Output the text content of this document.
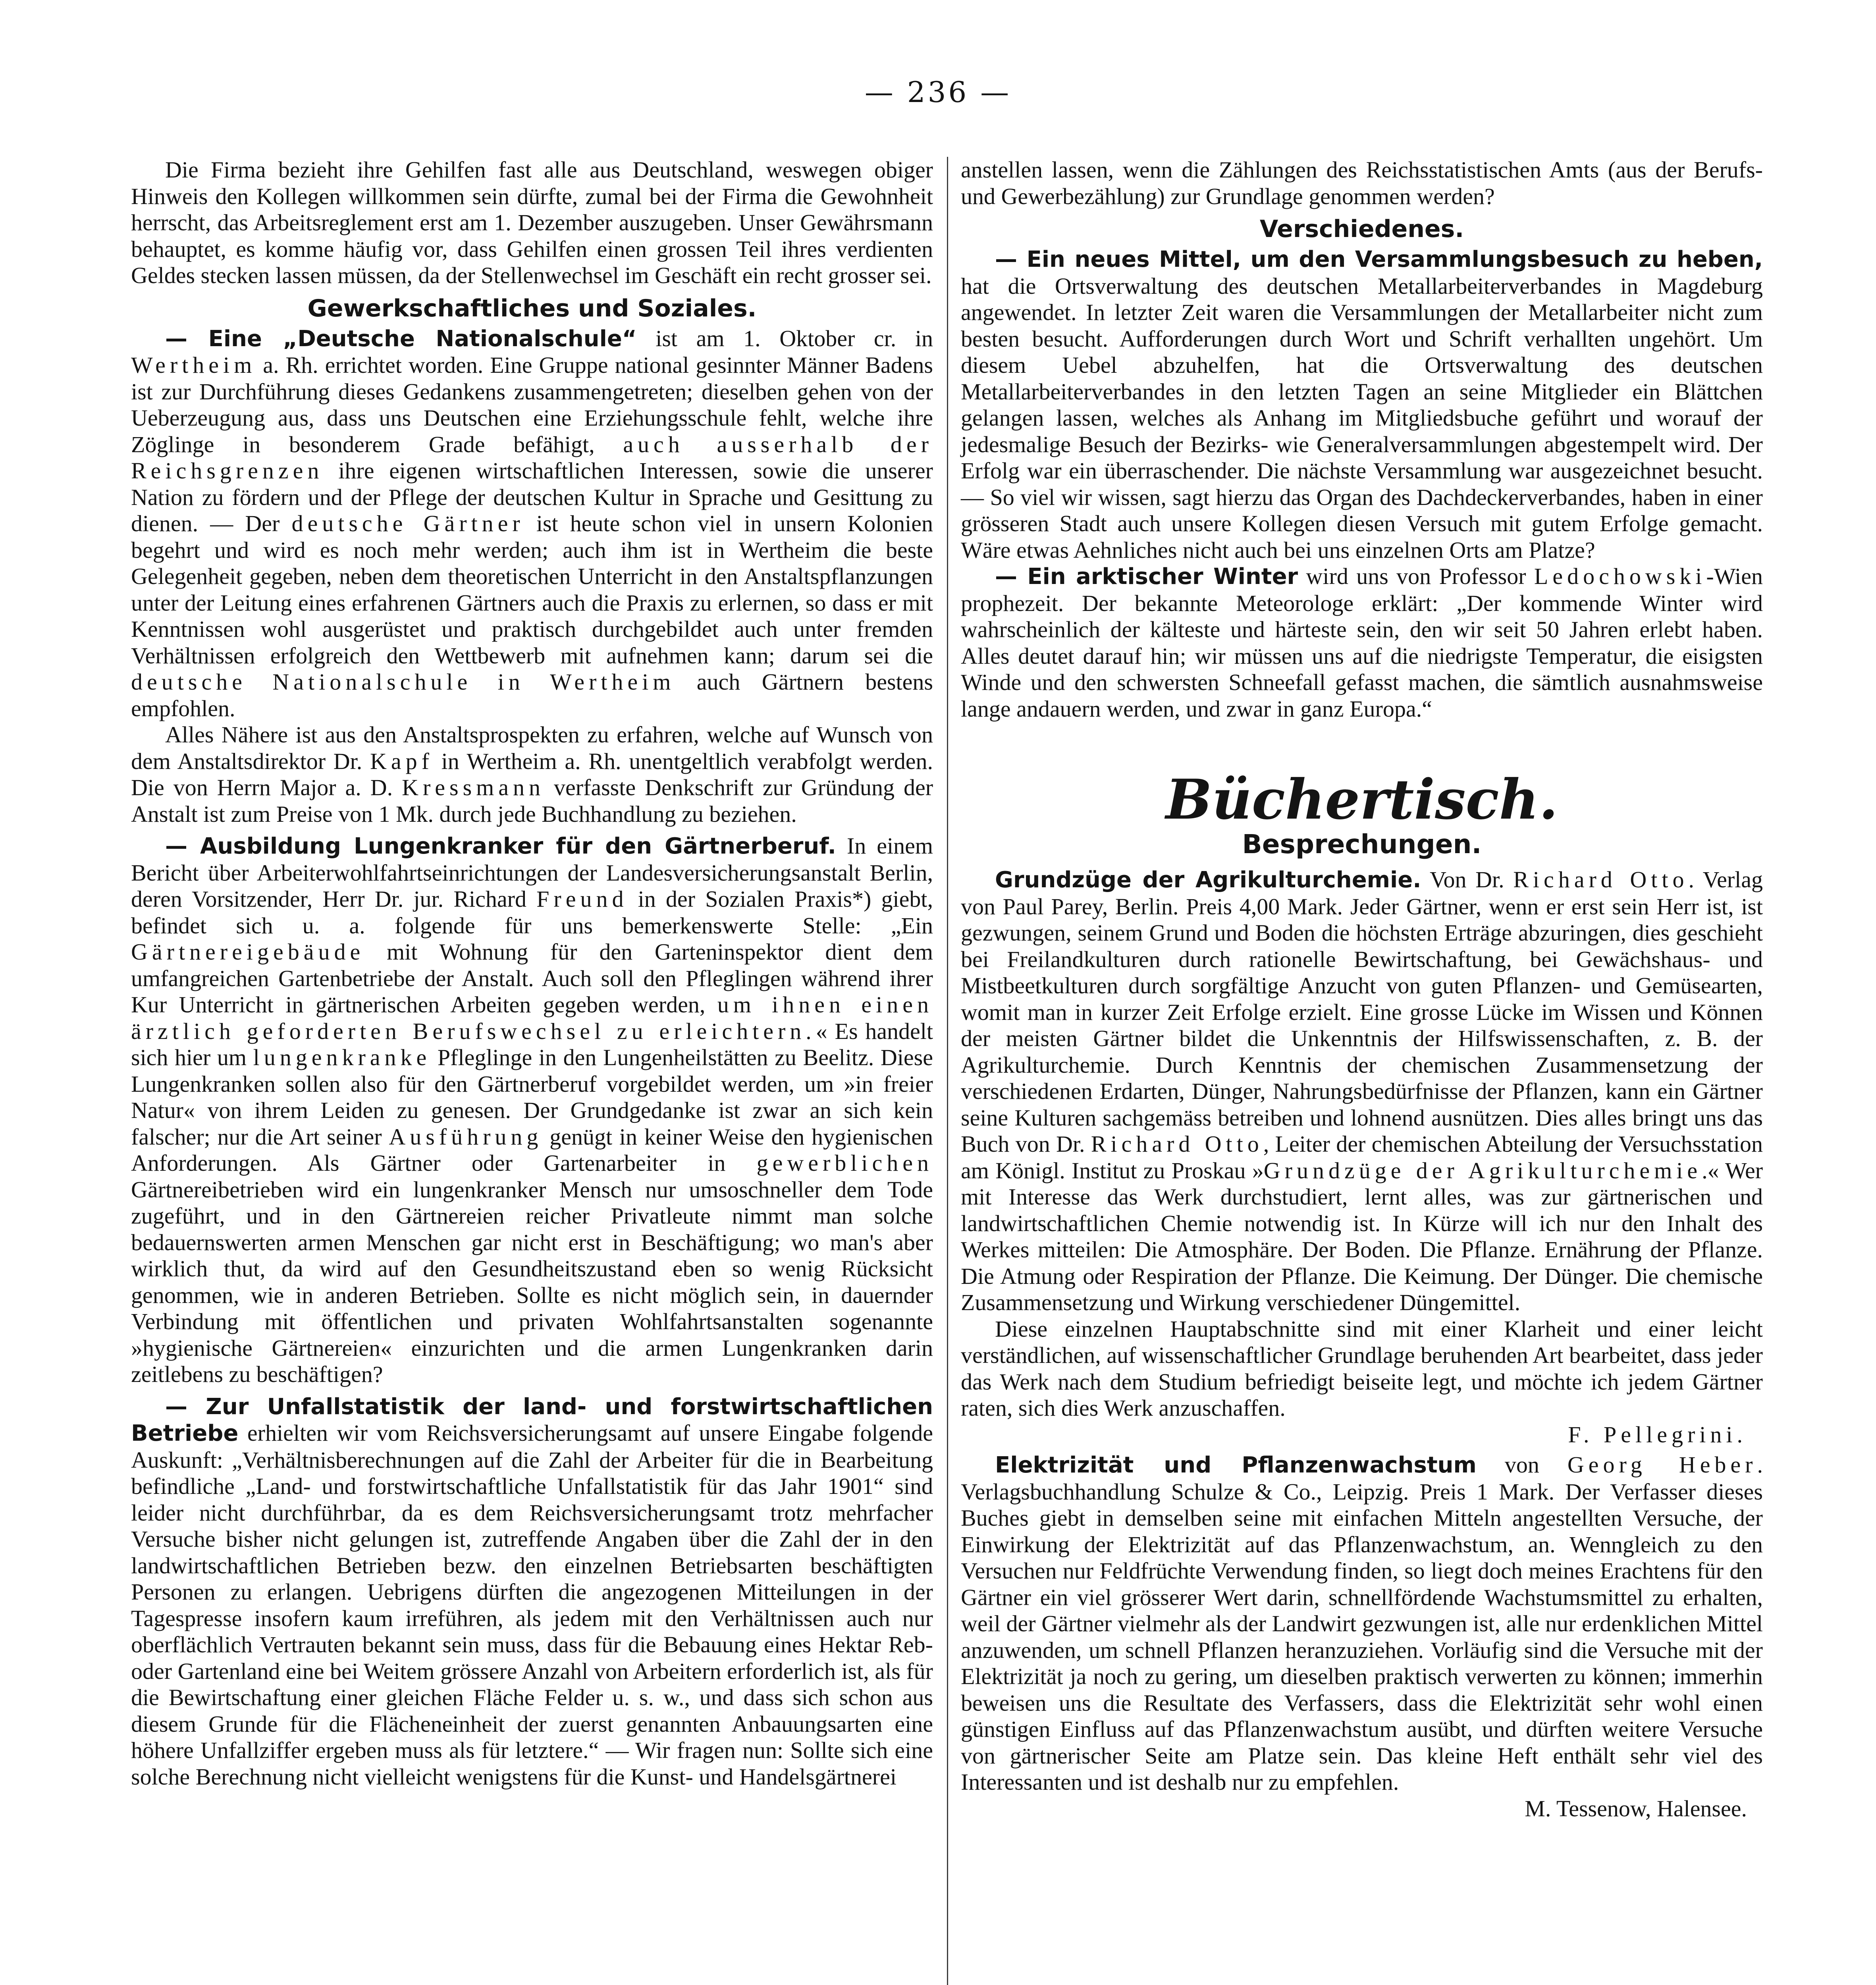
— 236 —

Die Firma bezieht ihre Gehilfen fast alle aus Deutschland, weswegen obiger Hinweis den Kollegen willkommen sein dürfte, zumal bei der Firma die Gewohnheit herrscht, das Arbeitsreglement erst am 1. Dezember auszugeben. Unser Gewährsmann behauptet, es komme häufig vor, dass Gehilfen einen grossen Teil ihres verdienten Geldes stecken lassen müssen, da der Stellenwechsel im Geschäft ein recht grosser sei.

Gewerkschaftliches und Soziales.

— Eine „Deutsche Nationalschule“ ist am 1. Oktober cr. in Wertheim a. Rh. errichtet worden. Eine Gruppe national gesinnter Männer Badens ist zur Durchführung dieses Gedankens zusammengetreten; dieselben gehen von der Ueberzeugung aus, dass uns Deutschen eine Erziehungsschule fehlt, welche ihre Zöglinge in besonderem Grade befähigt, auch ausserhalb der Reichsgrenzen ihre eigenen wirtschaftlichen Interessen, sowie die unserer Nation zu fördern und der Pflege der deutschen Kultur in Sprache und Gesittung zu dienen. — Der deutsche Gärtner ist heute schon viel in unsern Kolonien begehrt und wird es noch mehr werden; auch ihm ist in Wertheim die beste Gelegenheit gegeben, neben dem theoretischen Unterricht in den Anstaltspflanzungen unter der Leitung eines erfahrenen Gärtners auch die Praxis zu erlernen, so dass er mit Kenntnissen wohl ausgerüstet und praktisch durchgebildet auch unter fremden Verhältnissen erfolgreich den Wettbewerb mit aufnehmen kann; darum sei die deutsche Nationalschule in Wertheim auch Gärtnern bestens empfohlen.

Alles Nähere ist aus den Anstaltsprospekten zu erfahren, welche auf Wunsch von dem Anstaltsdirektor Dr. Kapf in Wertheim a. Rh. unentgeltlich verabfolgt werden. Die von Herrn Major a. D. Kressmann verfasste Denkschrift zur Gründung der Anstalt ist zum Preise von 1 Mk. durch jede Buchhandlung zu beziehen.

— Ausbildung Lungenkranker für den Gärtnerberuf. In einem Bericht über Arbeiterwohlfahrtseinrichtungen der Landesversicherungsanstalt Berlin, deren Vorsitzender, Herr Dr. jur. Richard Freund in der Sozialen Praxis*) giebt, befindet sich u. a. folgende für uns bemerkenswerte Stelle: „Ein Gärtnereigebäude mit Wohnung für den Garteninspektor dient dem umfangreichen Gartenbetriebe der Anstalt. Auch soll den Pfleglingen während ihrer Kur Unterricht in gärtnerischen Arbeiten gegeben werden, um ihnen einen ärztlich geforderten Berufswechsel zu erleichtern.« Es handelt sich hier um lungenkranke Pfleglinge in den Lungenheilstätten zu Beelitz. Diese Lungenkranken sollen also für den Gärtnerberuf vorgebildet werden, um »in freier Natur« von ihrem Leiden zu genesen. Der Grundgedanke ist zwar an sich kein falscher; nur die Art seiner Ausführung genügt in keiner Weise den hygienischen Anforderungen. Als Gärtner oder Gartenarbeiter in gewerblichen Gärtnereibetrieben wird ein lungenkranker Mensch nur umsoschneller dem Tode zugeführt, und in den Gärtnereien reicher Privatleute nimmt man solche bedauernswerten armen Menschen gar nicht erst in Beschäftigung; wo man's aber wirklich thut, da wird auf den Gesundheitszustand eben so wenig Rücksicht genommen, wie in anderen Betrieben. Sollte es nicht möglich sein, in dauernder Verbindung mit öffentlichen und privaten Wohlfahrtsanstalten sogenannte »hygienische Gärtnereien« einzurichten und die armen Lungenkranken darin zeitlebens zu beschäftigen?

— Zur Unfallstatistik der land- und forstwirtschaftlichen Betriebe erhielten wir vom Reichsversicherungsamt auf unsere Eingabe folgende Auskunft: „Verhältnisberechnungen auf die Zahl der Arbeiter für die in Bearbeitung befindliche „Land- und forstwirtschaftliche Unfallstatistik für das Jahr 1901“ sind leider nicht durchführbar, da es dem Reichsversicherungsamt trotz mehrfacher Versuche bisher nicht gelungen ist, zutreffende Angaben über die Zahl der in den landwirtschaftlichen Betrieben bezw. den einzelnen Betriebsarten beschäftigten Personen zu erlangen. Uebrigens dürften die angezogenen Mitteilungen in der Tagespresse insofern kaum irreführen, als jedem mit den Verhältnissen auch nur oberflächlich Vertrauten bekannt sein muss, dass für die Bebauung eines Hektar Reb- oder Gartenland eine bei Weitem grössere Anzahl von Arbeitern erforderlich ist, als für die Bewirtschaftung einer gleichen Fläche Felder u. s. w., und dass sich schon aus diesem Grunde für die Flächeneinheit der zuerst genannten Anbauungsarten eine höhere Unfallziffer ergeben muss als für letztere.“ — Wir fragen nun: Sollte sich eine solche Berechnung nicht vielleicht wenigstens für die Kunst- und Handelsgärtnerei

anstellen lassen, wenn die Zählungen des Reichsstatistischen Amts (aus der Berufs- und Gewerbezählung) zur Grundlage genommen werden?

Verschiedenes.

— Ein neues Mittel, um den Versammlungsbesuch zu heben, hat die Ortsverwaltung des deutschen Metallarbeiterverbandes in Magdeburg angewendet. In letzter Zeit waren die Versammlungen der Metallarbeiter nicht zum besten besucht. Aufforderungen durch Wort und Schrift verhallten ungehört. Um diesem Uebel abzuhelfen, hat die Ortsverwaltung des deutschen Metallarbeiterverbandes in den letzten Tagen an seine Mitglieder ein Blättchen gelangen lassen, welches als Anhang im Mitgliedsbuche geführt und worauf der jedesmalige Besuch der Bezirks- wie Generalversammlungen abgestempelt wird. Der Erfolg war ein überraschender. Die nächste Versammlung war ausgezeichnet besucht. — So viel wir wissen, sagt hierzu das Organ des Dachdeckerverbandes, haben in einer grösseren Stadt auch unsere Kollegen diesen Versuch mit gutem Erfolge gemacht. Wäre etwas Aehnliches nicht auch bei uns einzelnen Orts am Platze?

— Ein arktischer Winter wird uns von Professor Ledochowski-Wien prophezeit. Der bekannte Meteorologe erklärt: „Der kommende Winter wird wahrscheinlich der kälteste und härteste sein, den wir seit 50 Jahren erlebt haben. Alles deutet darauf hin; wir müssen uns auf die niedrigste Temperatur, die eisigsten Winde und den schwersten Schneefall gefasst machen, die sämtlich ausnahmsweise lange andauern werden, und zwar in ganz Europa.“

Büchertisch.
Besprechungen.

Grundzüge der Agrikulturchemie. Von Dr. Richard Otto. Verlag von Paul Parey, Berlin. Preis 4,00 Mark. Jeder Gärtner, wenn er erst sein Herr ist, ist gezwungen, seinem Grund und Boden die höchsten Erträge abzuringen, dies geschieht bei Freilandkulturen durch rationelle Bewirtschaftung, bei Gewächshaus- und Mistbeetkulturen durch sorgfältige Anzucht von guten Pflanzen- und Gemüsearten, womit man in kurzer Zeit Erfolge erzielt. Eine grosse Lücke im Wissen und Können der meisten Gärtner bildet die Unkenntnis der Hilfswissenschaften, z. B. der Agrikulturchemie. Durch Kenntnis der chemischen Zusammensetzung der verschiedenen Erdarten, Dünger, Nahrungsbedürfnisse der Pflanzen, kann ein Gärtner seine Kulturen sachgemäss betreiben und lohnend ausnützen. Dies alles bringt uns das Buch von Dr. Richard Otto, Leiter der chemischen Abteilung der Versuchsstation am Königl. Institut zu Proskau »Grundzüge der Agrikulturchemie.« Wer mit Interesse das Werk durchstudiert, lernt alles, was zur gärtnerischen und landwirtschaftlichen Chemie notwendig ist. In Kürze will ich nur den Inhalt des Werkes mitteilen: Die Atmosphäre. Der Boden. Die Pflanze. Ernährung der Pflanze. Die Atmung oder Respiration der Pflanze. Die Keimung. Der Dünger. Die chemische Zusammensetzung und Wirkung verschiedener Düngemittel.

Diese einzelnen Hauptabschnitte sind mit einer Klarheit und einer leicht verständlichen, auf wissenschaftlicher Grundlage beruhenden Art bearbeitet, dass jeder das Werk nach dem Studium befriedigt beiseite legt, und möchte ich jedem Gärtner raten, sich dies Werk anzuschaffen.

F. Pellegrini.

Elektrizität und Pflanzenwachstum von Georg Heber. Verlagsbuchhandlung Schulze & Co., Leipzig. Preis 1 Mark. Der Verfasser dieses Buches giebt in demselben seine mit einfachen Mitteln angestellten Versuche, der Einwirkung der Elektrizität auf das Pflanzenwachstum, an. Wenngleich zu den Versuchen nur Feldfrüchte Verwendung finden, so liegt doch meines Erachtens für den Gärtner ein viel grösserer Wert darin, schnellfördende Wachstumsmittel zu erhalten, weil der Gärtner vielmehr als der Landwirt gezwungen ist, alle nur erdenklichen Mittel anzuwenden, um schnell Pflanzen heranzuziehen. Vorläufig sind die Versuche mit der Elektrizität ja noch zu gering, um dieselben praktisch verwerten zu können; immerhin beweisen uns die Resultate des Verfassers, dass die Elektrizität sehr wohl einen günstigen Einfluss auf das Pflanzenwachstum ausübt, und dürften weitere Versuche von gärtnerischer Seite am Platze sein. Das kleine Heft enthält sehr viel des Interessanten und ist deshalb nur zu empfehlen.

M. Tessenow, Halensee.
